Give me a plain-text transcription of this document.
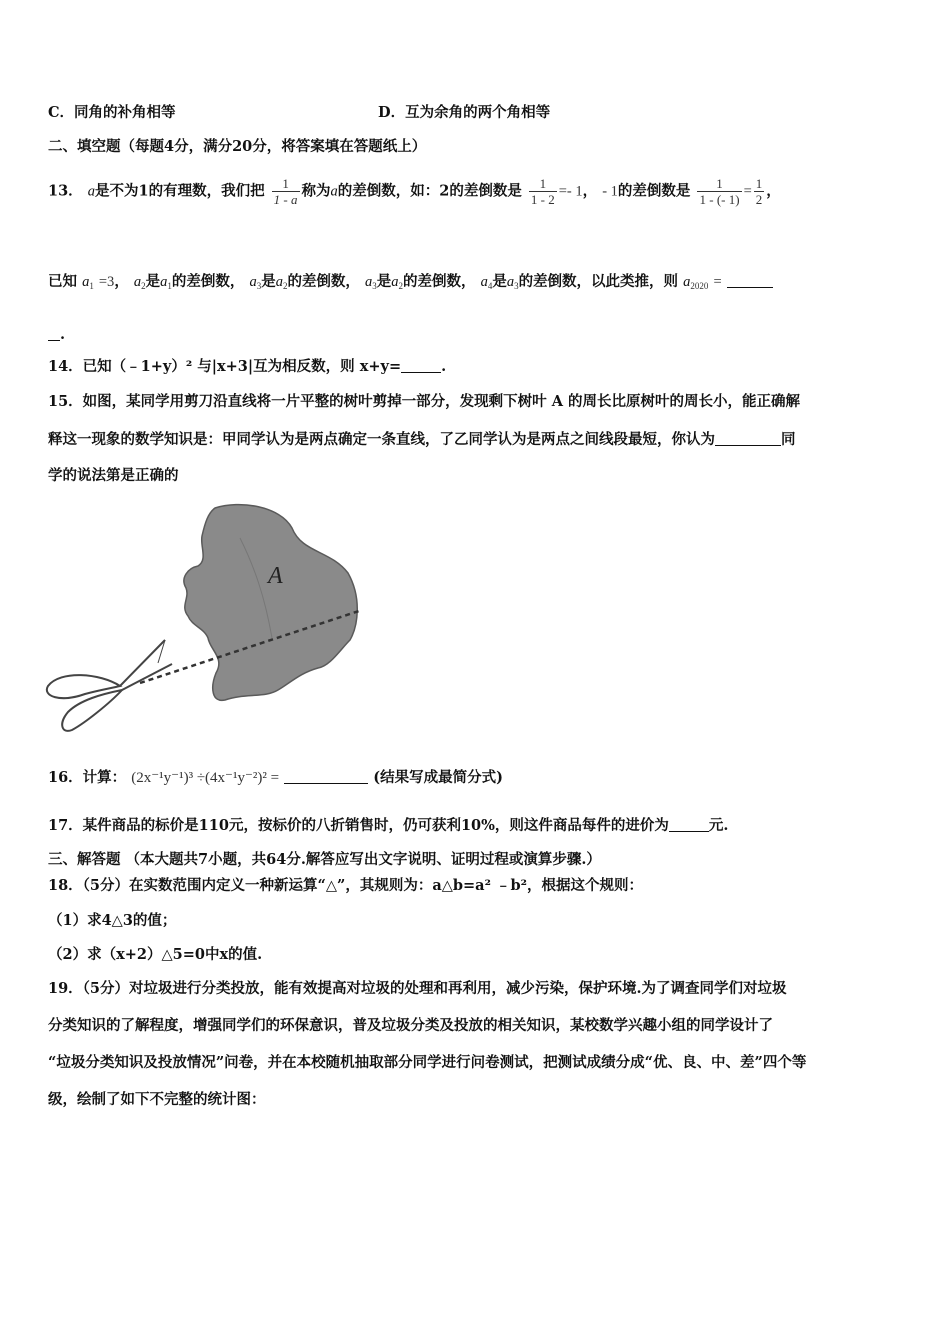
C．同角的补角相等	D．互为余角的两个角相等
二、填空题（每题4分，满分20分，将答案填在答题纸上）
13． a是不为1的有理数，我们把 $\frac{1}{1 - a}$ 称为a的差倒数，如：2的差倒数是 $\frac{1}{1 - 2} =- 1$， - 1的差倒数是 $\frac{1}{1 - (- 1)} = \frac{1}{2}$ ，
已知 $a_1 =3$， $a_2$是$a_1$的差倒数， $a_3$是$a_2$的差倒数， $a_3$是$a_2$的差倒数， $a_4$是$a_3$的差倒数，以此类推，则 $a_{2020}$ =
.
14．已知（﹣1+y）² 与|x+3|互为相反数，则 x+y=	.
15．如图，某同学用剪刀沿直线将一片平整的树叶剪掉一部分，发现剩下树叶 A 的周长比原树叶的周长小，能正确解
释这一现象的数学知识是：甲同学认为是两点确定一条直线，了乙同学认为是两点之间线段最短，你认为	同
学的说法第是正确的
A
16．计算： (2x⁻¹y⁻¹)³ ÷(4x⁻¹y⁻²)² =	(结果写成最简分式)
17．某件商品的标价是110元，按标价的八折销售时，仍可获利10%，则这件商品每件的进价为	元.
三、解答题 （本大题共7小题，共64分.解答应写出文字说明、证明过程或演算步骤.）
18．（5分）在实数范围内定义一种新运算“△”，其规则为：a△b=a² ﹣b²，根据这个规则：
（1）求4△3的值；
（2）求（x+2）△5=0中x的值.
19．（5分）对垃圾进行分类投放，能有效提高对垃圾的处理和再利用，减少污染，保护环境.为了调查同学们对垃圾
分类知识的了解程度，增强同学们的环保意识，普及垃圾分类及投放的相关知识，某校数学兴趣小组的同学设计了
“垃圾分类知识及投放情况”问卷，并在本校随机抽取部分同学进行问卷测试，把测试成绩分成“优、良、中、差”四个等
级，绘制了如下不完整的统计图：
